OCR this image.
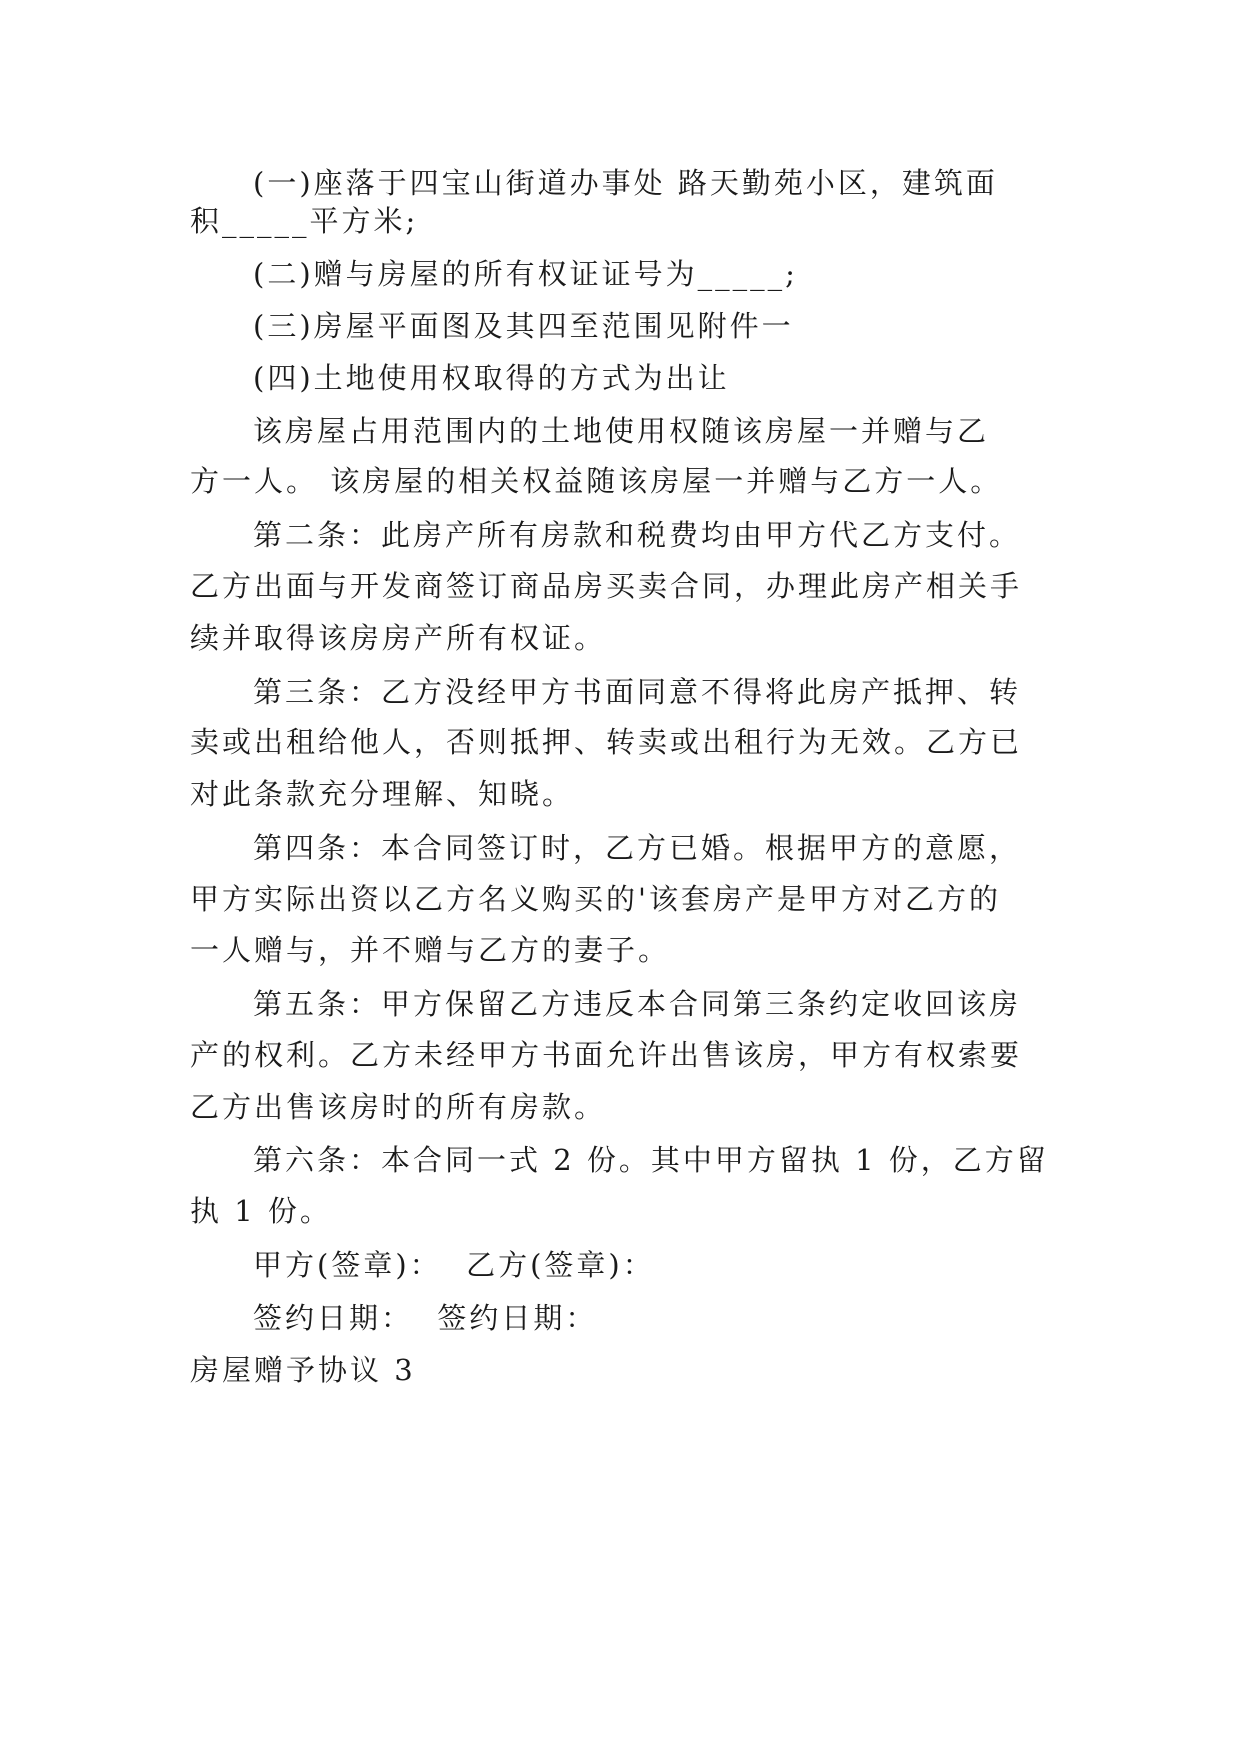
(一)座落于四宝山街道办事处 路天勤苑小区，建筑面
积_____平方米;
(二)赠与房屋的所有权证证号为_____;
(三)房屋平面图及其四至范围见附件一
(四)土地使用权取得的方式为出让
该房屋占用范围内的土地使用权随该房屋一并赠与乙
方一人。 该房屋的相关权益随该房屋一并赠与乙方一人。
第二条：此房产所有房款和税费均由甲方代乙方支付。
乙方出面与开发商签订商品房买卖合同，办理此房产相关手
续并取得该房房产所有权证。
第三条：乙方没经甲方书面同意不得将此房产抵押、转
卖或出租给他人，否则抵押、转卖或出租行为无效。乙方已
对此条款充分理解、知晓。
第四条：本合同签订时，乙方已婚。根据甲方的意愿，
甲方实际出资以乙方名义购买的'该套房产是甲方对乙方的
一人赠与，并不赠与乙方的妻子。
第五条：甲方保留乙方违反本合同第三条约定收回该房
产的权利。乙方未经甲方书面允许出售该房，甲方有权索要
乙方出售该房时的所有房款。
第六条：本合同一式 2 份。其中甲方留执 1 份，乙方留
执 1 份。
甲方(签章)：  乙方(签章)：
签约日期：  签约日期：
房屋赠予协议 3
